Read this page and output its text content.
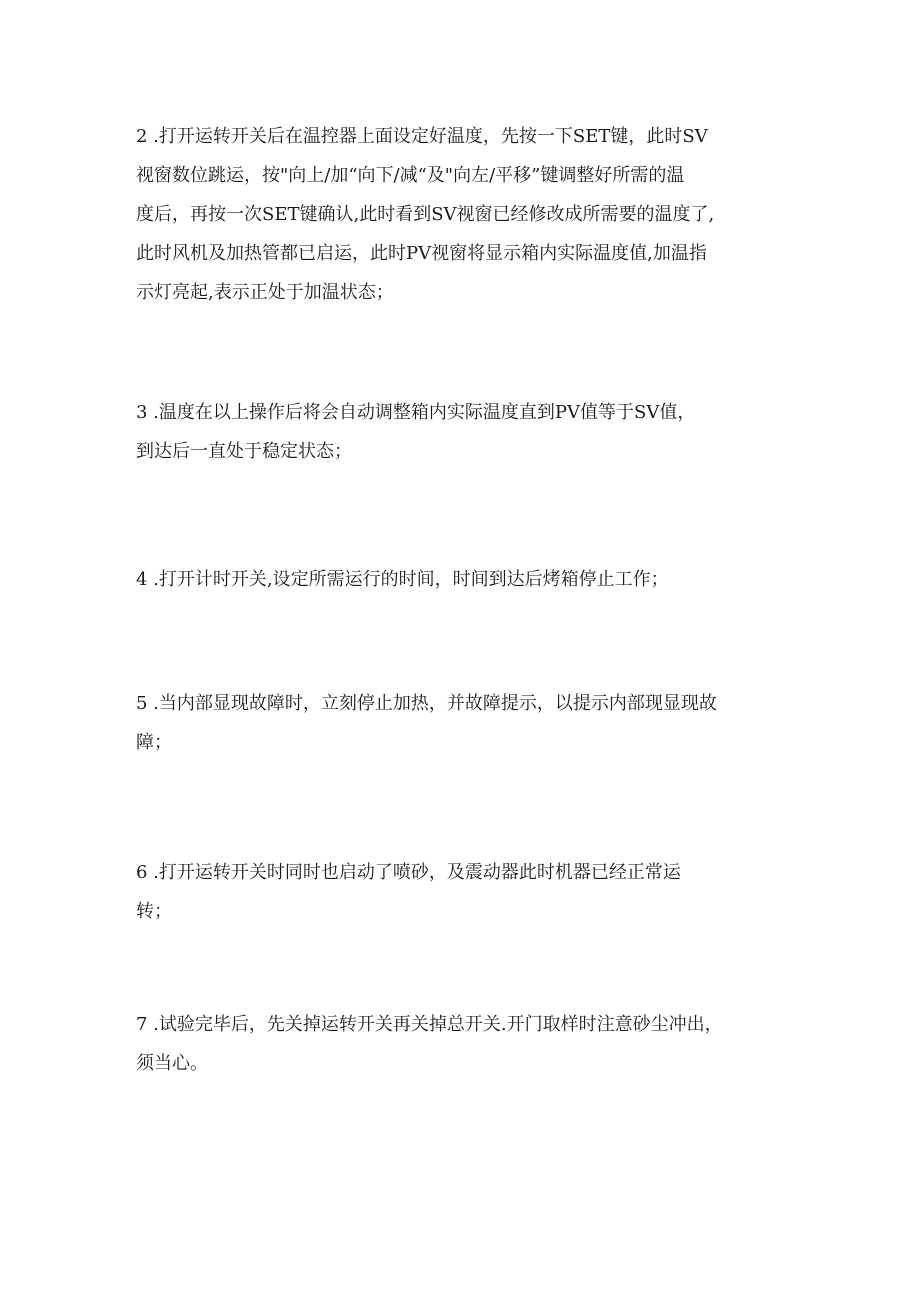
2 .打开运转开关后在温控器上面设定好温度，先按一下SET键，此时SV
视窗数位跳运，按"向上/加“向下/减“及"向左/平移”键调整好所需的温
度后，再按一次SET键确认,此时看到SV视窗已经修改成所需要的温度了,
此时风机及加热管都已启运，此时PV视窗将显示箱内实际温度值,加温指
示灯亮起,表示正处于加温状态；

3 .温度在以上操作后将会自动调整箱内实际温度直到PV值等于SV值，
到达后一直处于稳定状态；

4 .打开计时开关,设定所需运行的时间，时间到达后烤箱停止工作；

5 .当内部显现故障时，立刻停止加热，并故障提示，以提示内部现显现故
障；

6 .打开运转开关时同时也启动了喷砂，及震动器此时机器已经正常运
转；

7 .试验完毕后，先关掉运转开关再关掉总开关.开门取样时注意砂尘冲出，
须当心。
